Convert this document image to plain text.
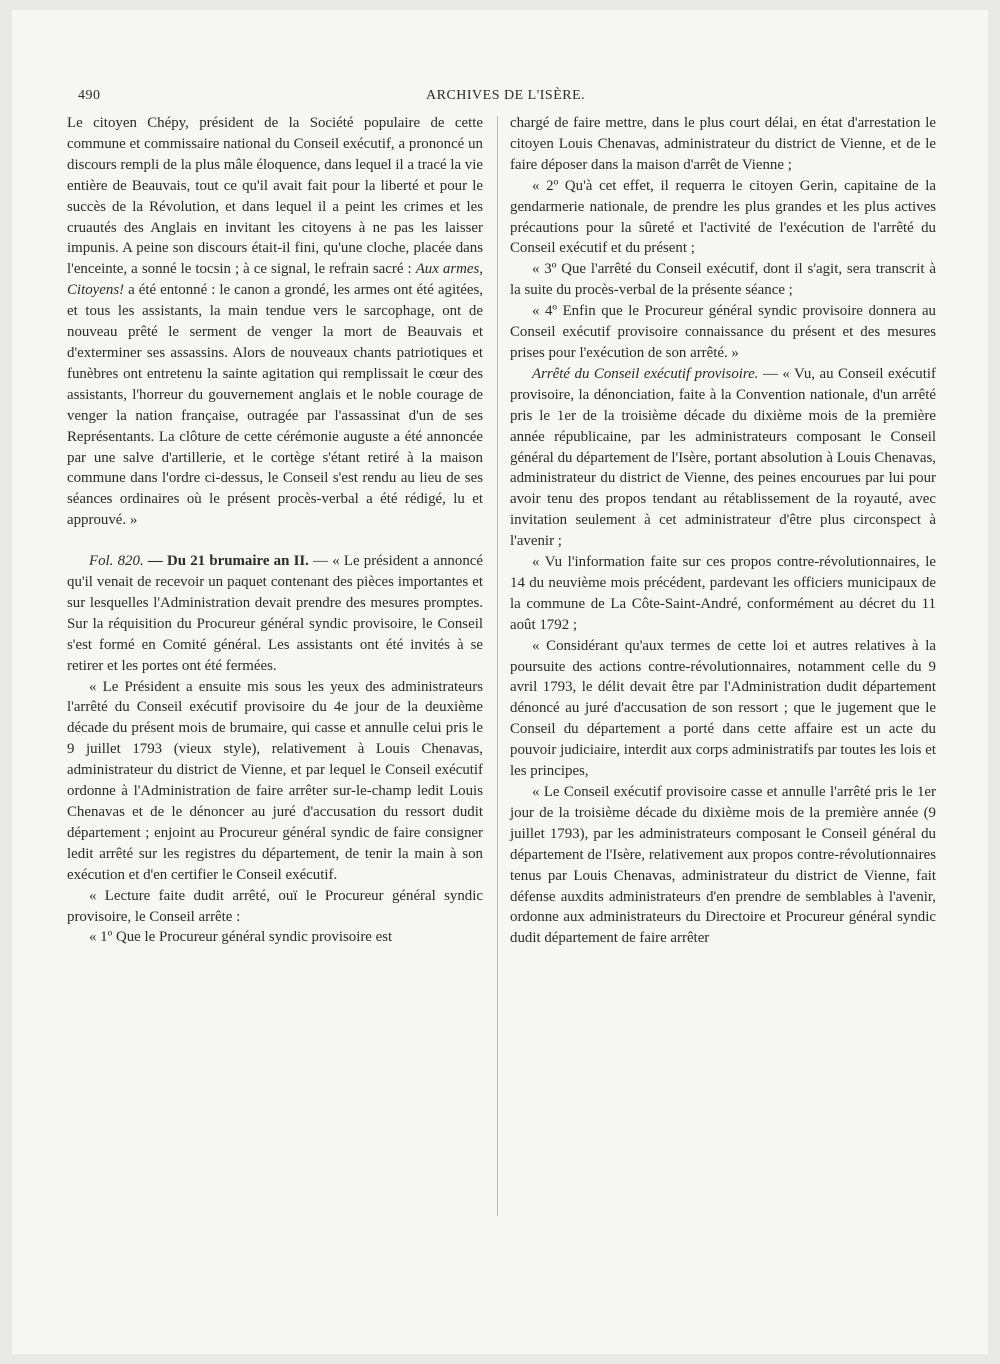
490	ARCHIVES DE L'ISÈRE.

Le citoyen Chépy, président de la Société populaire de cette commune et commissaire national du Conseil exécutif, a prononcé un discours rempli de la plus mâle éloquence, dans lequel il a tracé la vie entière de Beauvais, tout ce qu'il avait fait pour la liberté et pour le succès de la Révolution, et dans lequel il a peint les crimes et les cruautés des Anglais en invitant les citoyens à ne pas les laisser impunis. A peine son discours était-il fini, qu'une cloche, placée dans l'enceinte, a sonné le tocsin ; à ce signal, le refrain sacré : Aux armes, Citoyens! a été entonné : le canon a grondé, les armes ont été agitées, et tous les assistants, la main tendue vers le sarcophage, ont de nouveau prêté le serment de venger la mort de Beauvais et d'exterminer ses assassins. Alors de nouveaux chants patriotiques et funèbres ont entretenu la sainte agitation qui remplissait le cœur des assistants, l'horreur du gouvernement anglais et le noble courage de venger la nation française, outragée par l'assassinat d'un de ses Représentants. La clôture de cette cérémonie auguste a été annoncée par une salve d'artillerie, et le cortège s'étant retiré à la maison commune dans l'ordre ci-dessus, le Conseil s'est rendu au lieu de ses séances ordinaires où le présent procès-verbal a été rédigé, lu et approuvé. »

Fol. 820. — Du 21 brumaire an II. — « Le président a annoncé qu'il venait de recevoir un paquet contenant des pièces importantes et sur lesquelles l'Administration devait prendre des mesures promptes. Sur la réquisition du Procureur général syndic provisoire, le Conseil s'est formé en Comité général. Les assistants ont été invités à se retirer et les portes ont été fermées.

« Le Président a ensuite mis sous les yeux des administrateurs l'arrêté du Conseil exécutif provisoire du 4e jour de la deuxième décade du présent mois de brumaire, qui casse et annulle celui pris le 9 juillet 1793 (vieux style), relativement à Louis Chenavas, administrateur du district de Vienne, et par lequel le Conseil exécutif ordonne à l'Administration de faire arrêter sur-le-champ ledit Louis Chenavas et de le dénoncer au juré d'accusation du ressort dudit département ; enjoint au Procureur général syndic de faire consigner ledit arrêté sur les registres du département, de tenir la main à son exécution et d'en certifier le Conseil exécutif.

« Lecture faite dudit arrêté, ouï le Procureur général syndic provisoire, le Conseil arrête :

« 1º Que le Procureur général syndic provisoire est

chargé de faire mettre, dans le plus court délai, en état d'arrestation le citoyen Louis Chenavas, administrateur du district de Vienne, et de le faire déposer dans la maison d'arrêt de Vienne ;

« 2º Qu'à cet effet, il requerra le citoyen Gerin, capitaine de la gendarmerie nationale, de prendre les plus grandes et les plus actives précautions pour la sûreté et l'activité de l'exécution de l'arrêté du Conseil exécutif et du présent ;

« 3º Que l'arrêté du Conseil exécutif, dont il s'agit, sera transcrit à la suite du procès-verbal de la présente séance ;

« 4º Enfin que le Procureur général syndic provisoire donnera au Conseil exécutif provisoire connaissance du présent et des mesures prises pour l'exécution de son arrêté. »

Arrêté du Conseil exécutif provisoire. — « Vu, au Conseil exécutif provisoire, la dénonciation, faite à la Convention nationale, d'un arrêté pris le 1er de la troisième décade du dixième mois de la première année républicaine, par les administrateurs composant le Conseil général du département de l'Isère, portant absolution à Louis Chenavas, administrateur du district de Vienne, des peines encourues par lui pour avoir tenu des propos tendant au rétablissement de la royauté, avec invitation seulement à cet administrateur d'être plus circonspect à l'avenir ;

« Vu l'information faite sur ces propos contre-révolutionnaires, le 14 du neuvième mois précédent, pardevant les officiers municipaux de la commune de La Côte-Saint-André, conformément au décret du 11 août 1792 ;

« Considérant qu'aux termes de cette loi et autres relatives à la poursuite des actions contre-révolutionnaires, notamment celle du 9 avril 1793, le délit devait être par l'Administration dudit département dénoncé au juré d'accusation de son ressort ; que le jugement que le Conseil du département a porté dans cette affaire est un acte du pouvoir judiciaire, interdit aux corps administratifs par toutes les lois et les principes,

« Le Conseil exécutif provisoire casse et annulle l'arrêté pris le 1er jour de la troisième décade du dixième mois de la première année (9 juillet 1793), par les administrateurs composant le Conseil général du département de l'Isère, relativement aux propos contre-révolutionnaires tenus par Louis Chenavas, administrateur du district de Vienne, fait défense auxdits administrateurs d'en prendre de semblables à l'avenir, ordonne aux administrateurs du Directoire et Procureur général syndic dudit département de faire arrêter
